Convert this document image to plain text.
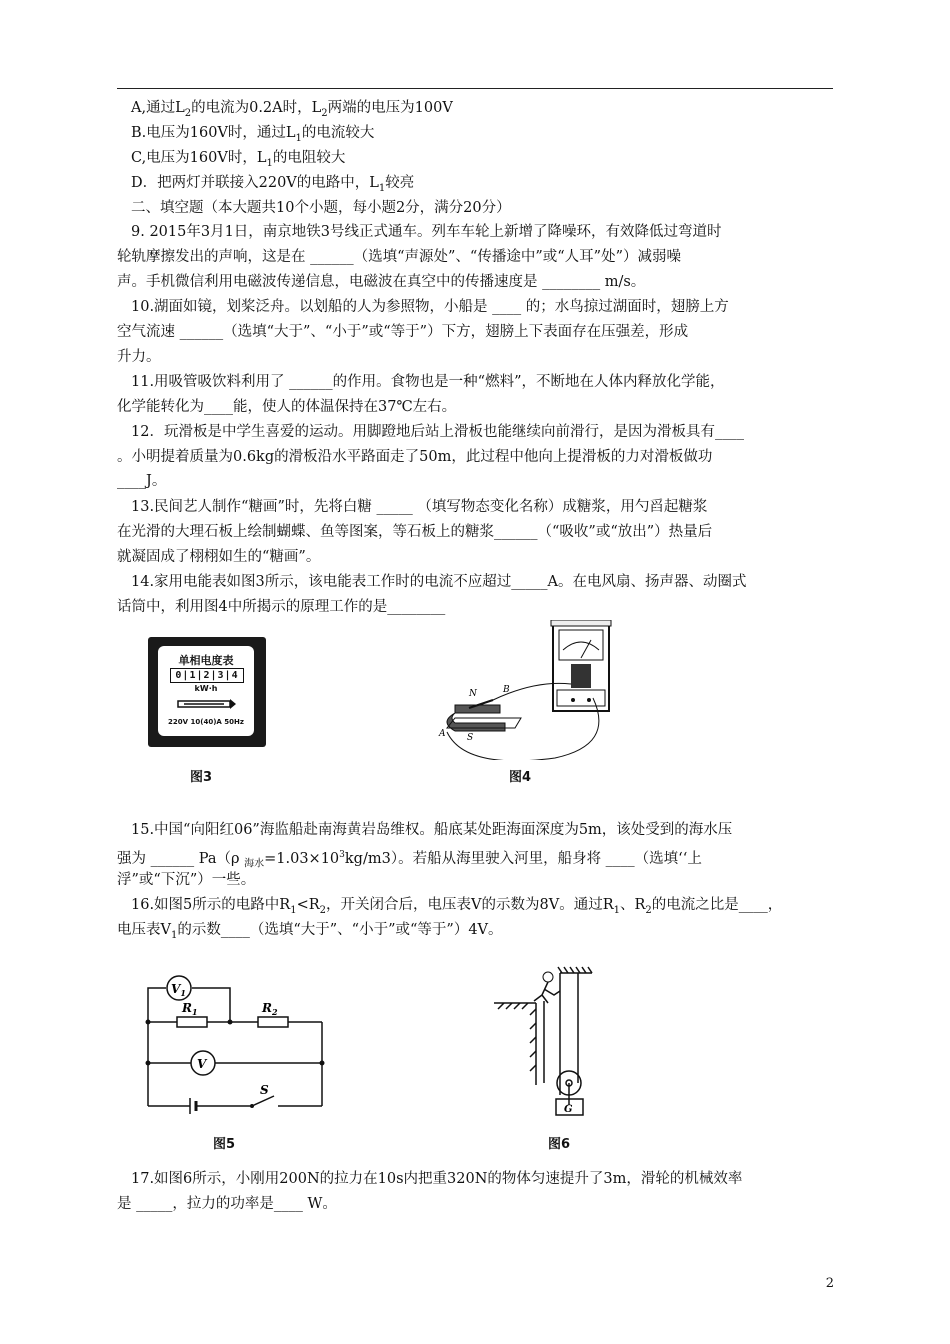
A,通过$L_2$的电流为0.2A时，$L_2$两端的电压为100V
B.电压为160V时，通过$L_1$的电流较大
C,电压为160V时，$L_1$的电阻较大
D．把两灯并联接入220V的电路中，$L_1$较亮
二、填空题（本大题共10个小题，每小题2分，满分20分）
9. 2015年3月1日，南京地铁3号线正式通车。列车车轮上新增了降噪环，有效降低过弯道时
轮轨摩擦发出的声响，这是在 ______（选填“声源处”、“传播途中”或“人耳”处”）减弱噪
声。手机微信利用电磁波传递信息，电磁波在真空中的传播速度是 ________ m/s。
10.湖面如镜，划桨泛舟。以划船的人为参照物，小船是 ____ 的；水鸟掠过湖面时，翅膀上方
空气流速 ______（选填“大于”、“小于”或“等于”）下方，翅膀上下表面存在压强差，形成
升力。
11.用吸管吸饮料利用了 ______的作用。食物也是一种“燃料”，不断地在人体内释放化学能，
化学能转化为____能，使人的体温保持在37℃左右。
12．玩滑板是中学生喜爱的运动。用脚蹬地后站上滑板也能继续向前滑行，是因为滑板具有____
。小明提着质量为0.6kg的滑板沿水平路面走了50m，此过程中他向上提滑板的力对滑板做功
____J。
13.民间艺人制作“糖画”时，先将白糖 _____ （填写物态变化名称）成糖浆，用勺舀起糖浆
在光滑的大理石板上绘制蝴蝶、鱼等图案，等石板上的糖浆______（“吸收”或“放出”）热量后
就凝固成了栩栩如生的“糖画”。
14.家用电能表如图3所示，该电能表工作时的电流不应超过_____A。在电风扇、扬声器、动圈式
话筒中，利用图4中所揭示的原理工作的是________
单相电度表
0|1|2|3|4
kW·h
220V 10(40)A 50Hz
图3
N
S
A
B
图4
15.中国“向阳红06”海监船赴南海黄岩岛维权。船底某处距海面深度为5m，该处受到的海水压
强为 ______ Pa（ρ $_{海水}=1.03\times 10^3kg/m3$）。若船从海里驶入河里，船身将 ____（选填‘‘上
浮”或“下沉”）一些。
16.如图5所示的电路中$R_1<R_2$，开关闭合后，电压表V的示数为8V。通过$R_1$、$R_2$的电流之比是____，
电压表$V_1$的示数____（选填“大于”、“小于”或“等于”）4V。
$V_1$
V
$R_1$	$R_2$
S
图5
G
图6
17.如图6所示，小刚用200N的拉力在10s内把重320N的物体匀速提升了3m，滑轮的机械效率
是 _____，拉力的功率是____ W。
2
